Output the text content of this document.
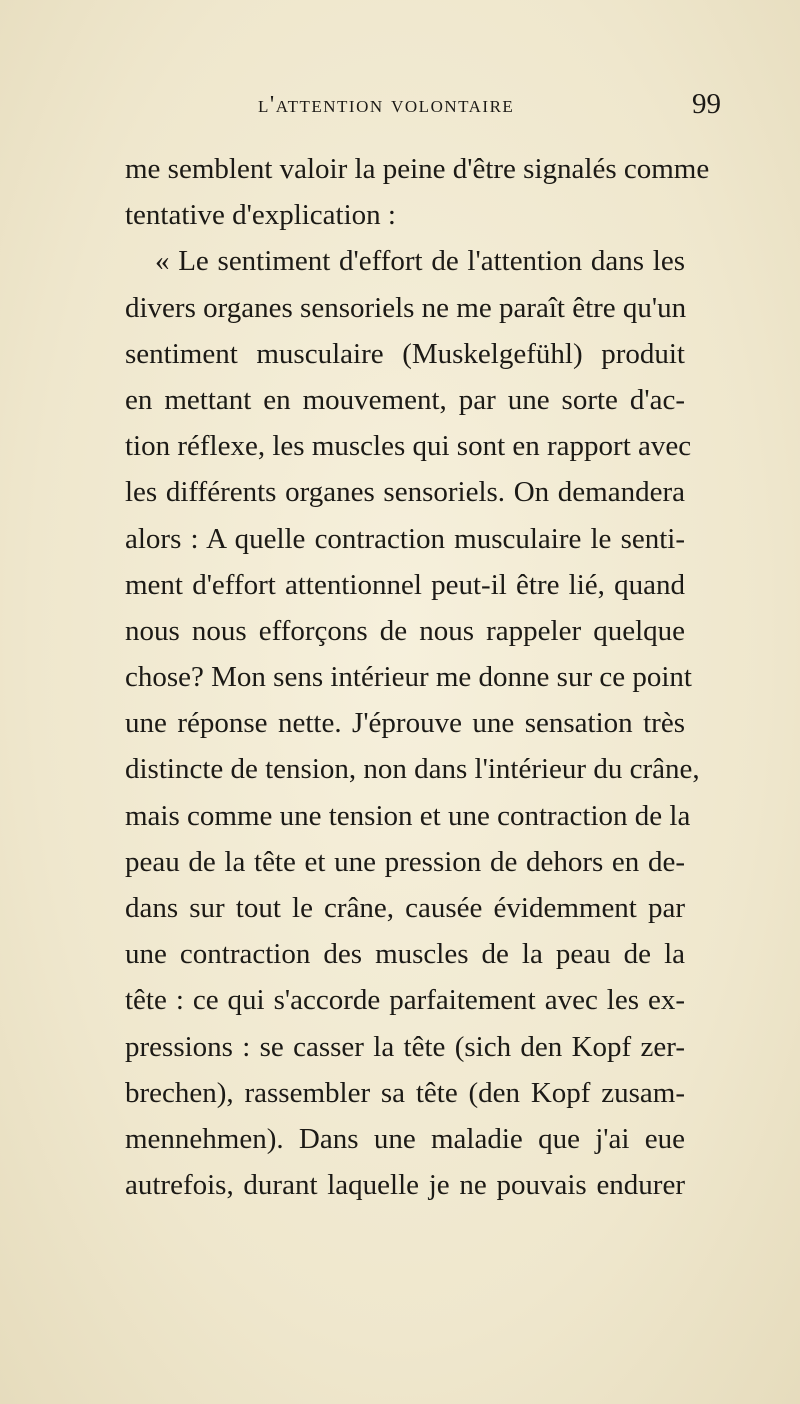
l'attention volontaire	99
me semblent valoir la peine d'être signalés comme
tentative d'explication :
« Le sentiment d'effort de l'attention dans les
divers organes sensoriels ne me paraît être qu'un
sentiment musculaire (Muskelgefühl) produit
en mettant en mouvement, par une sorte d'ac-
tion réflexe, les muscles qui sont en rapport avec
les différents organes sensoriels. On demandera
alors : A quelle contraction musculaire le senti-
ment d'effort attentionnel peut-il être lié, quand
nous nous efforçons de nous rappeler quelque
chose? Mon sens intérieur me donne sur ce point
une réponse nette. J'éprouve une sensation très
distincte de tension, non dans l'intérieur du crâne,
mais comme une tension et une contraction de la
peau de la tête et une pression de dehors en de-
dans sur tout le crâne, causée évidemment par
une contraction des muscles de la peau de la
tête : ce qui s'accorde parfaitement avec les ex-
pressions : se casser la tête (sich den Kopf zer-
brechen), rassembler sa tête (den Kopf zusam-
mennehmen). Dans une maladie que j'ai eue
autrefois, durant laquelle je ne pouvais endurer
